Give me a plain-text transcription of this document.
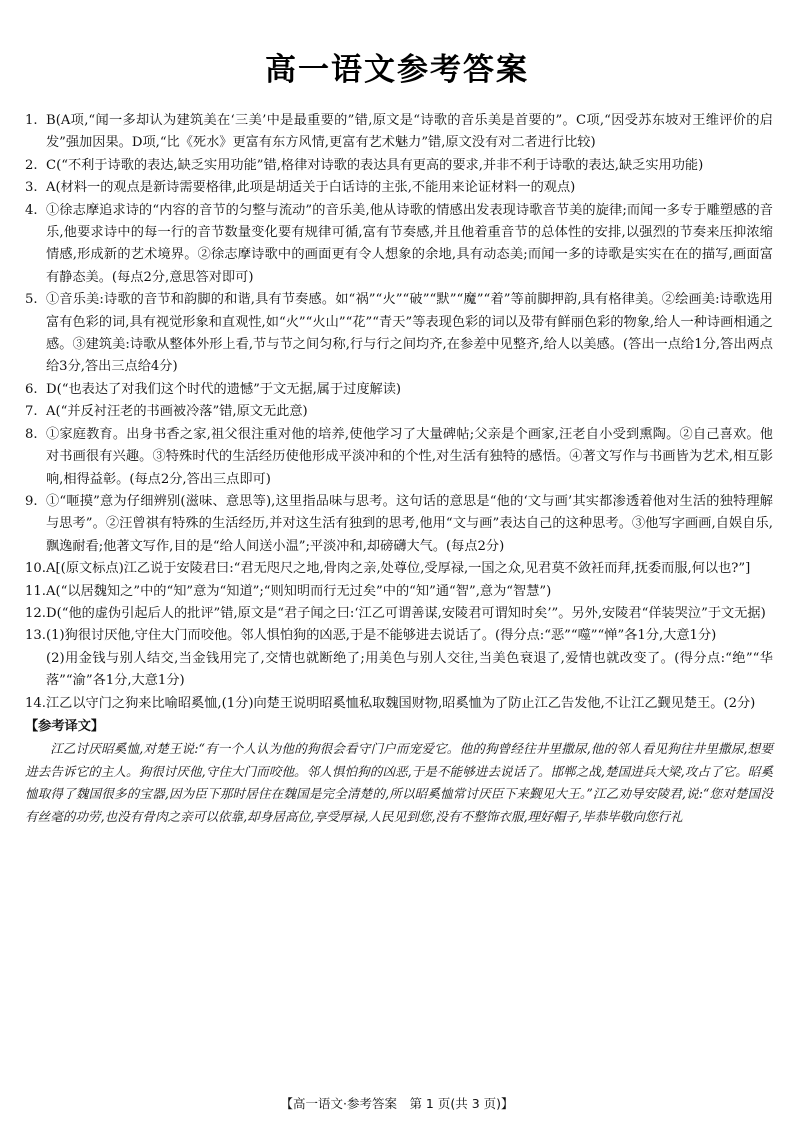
高一语文参考答案
1. B(A项,“闻一多却认为建筑美在‘三美’中是最重要的”错,原文是“诗歌的音乐美是首要的”。C项,“因受苏东坡对王维评价的启发”强加因果。D项,“比《死水》更富有东方风情,更富有艺术魅力”错,原文没有对二者进行比较)
2. C(“不利于诗歌的表达,缺乏实用功能”错,格律对诗歌的表达具有更高的要求,并非不利于诗歌的表达,缺乏实用功能)
3. A(材料一的观点是新诗需要格律,此项是胡适关于白话诗的主张,不能用来论证材料一的观点)
4. ①徐志摩追求诗的“内容的音节的匀整与流动”的音乐美,他从诗歌的情感出发表现诗歌音节美的旋律;而闻一多专于雕塑感的音乐,他要求诗中的每一行的音节数量变化要有规律可循,富有节奏感,并且他着重音节的总体性的安排,以强烈的节奏来压抑浓缩情感,形成新的艺术境界。②徐志摩诗歌中的画面更有令人想象的余地,具有动态美;而闻一多的诗歌是实实在在的描写,画面富有静态美。(每点2分,意思答对即可)
5. ①音乐美:诗歌的音节和韵脚的和谐,具有节奏感。如“祸”“火”“破”“默”“魔”“着”等前脚押韵,具有格律美。②绘画美:诗歌选用富有色彩的词,具有视觉形象和直观性,如“火”“火山”“花”“青天”等表现色彩的词以及带有鲜丽色彩的物象,给人一种诗画相通之感。③建筑美:诗歌从整体外形上看,节与节之间匀称,行与行之间均齐,在参差中见整齐,给人以美感。(答出一点给1分,答出两点给3分,答出三点给4分)
6. D(“也表达了对我们这个时代的遗憾”于文无据,属于过度解读)
7. A(“并反衬汪老的书画被冷落”错,原文无此意)
8. ①家庭教育。出身书香之家,祖父很注重对他的培养,使他学习了大量碑帖;父亲是个画家,汪老自小受到熏陶。②自己喜欢。他对书画很有兴趣。③特殊时代的生活经历使他形成平淡冲和的个性,对生活有独特的感悟。④著文写作与书画皆为艺术,相互影响,相得益彰。(每点2分,答出三点即可)
9. ①“咂摸”意为仔细辨别(滋味、意思等),这里指品味与思考。这句话的意思是“他的‘文与画’其实都渗透着他对生活的独特理解与思考”。②汪曾祺有特殊的生活经历,并对这生活有独到的思考,他用“文与画”表达自己的这种思考。③他写字画画,自娱自乐,飘逸耐看;他著文写作,目的是“给人间送小温”;平淡冲和,却磅礴大气。(每点2分)
10. A[(原文标点)江乙说于安陵君曰:“君无咫尺之地,骨肉之亲,处尊位,受厚禄,一国之众,见君莫不敛衽而拜,抚委而服,何以也?”]
11. A(“以居魏知之”中的“知”意为“知道”;“则知明而行无过矣”中的“知”通“智”,意为“智慧”)
12. D(“他的虚伪引起后人的批评”错,原文是“君子闻之曰:‘江乙可谓善谋,安陵君可谓知时矣’”。另外,安陵君“佯装哭泣”于文无据)
13. (1)狗很讨厌他,守住大门而咬他。邻人惧怕狗的凶恶,于是不能够进去说话了。(得分点:“恶”“噬”“惮”各1分,大意1分)
(2)用金钱与别人结交,当金钱用完了,交情也就断绝了;用美色与别人交往,当美色衰退了,爱情也就改变了。(得分点:“绝”“华落”“渝”各1分,大意1分)
14. 江乙以守门之狗来比喻昭奚恤,(1分)向楚王说明昭奚恤私取魏国财物,昭奚恤为了防止江乙告发他,不让江乙觐见楚王。(2分)
【参考译文】

江乙讨厌昭奚恤,对楚王说:“有一个人认为他的狗很会看守门户而宠爱它。他的狗曾经往井里撒尿,他的邻人看见狗往井里撒尿,想要进去告诉它的主人。狗很讨厌他,守住大门而咬他。邻人惧怕狗的凶恶,于是不能够进去说话了。邯郸之战,楚国进兵大梁,攻占了它。昭奚恤取得了魏国很多的宝器,因为臣下那时居住在魏国是完全清楚的,所以昭奚恤常讨厌臣下来觐见大王。”江乙劝导安陵君,说:“您对楚国没有丝毫的功劳,也没有骨肉之亲可以依靠,却身居高位,享受厚禄,人民见到您,没有不整饰衣服,理好帽子,毕恭毕敬向您行礼

【高一语文·参考答案　第 1 页(共 3 页)】
